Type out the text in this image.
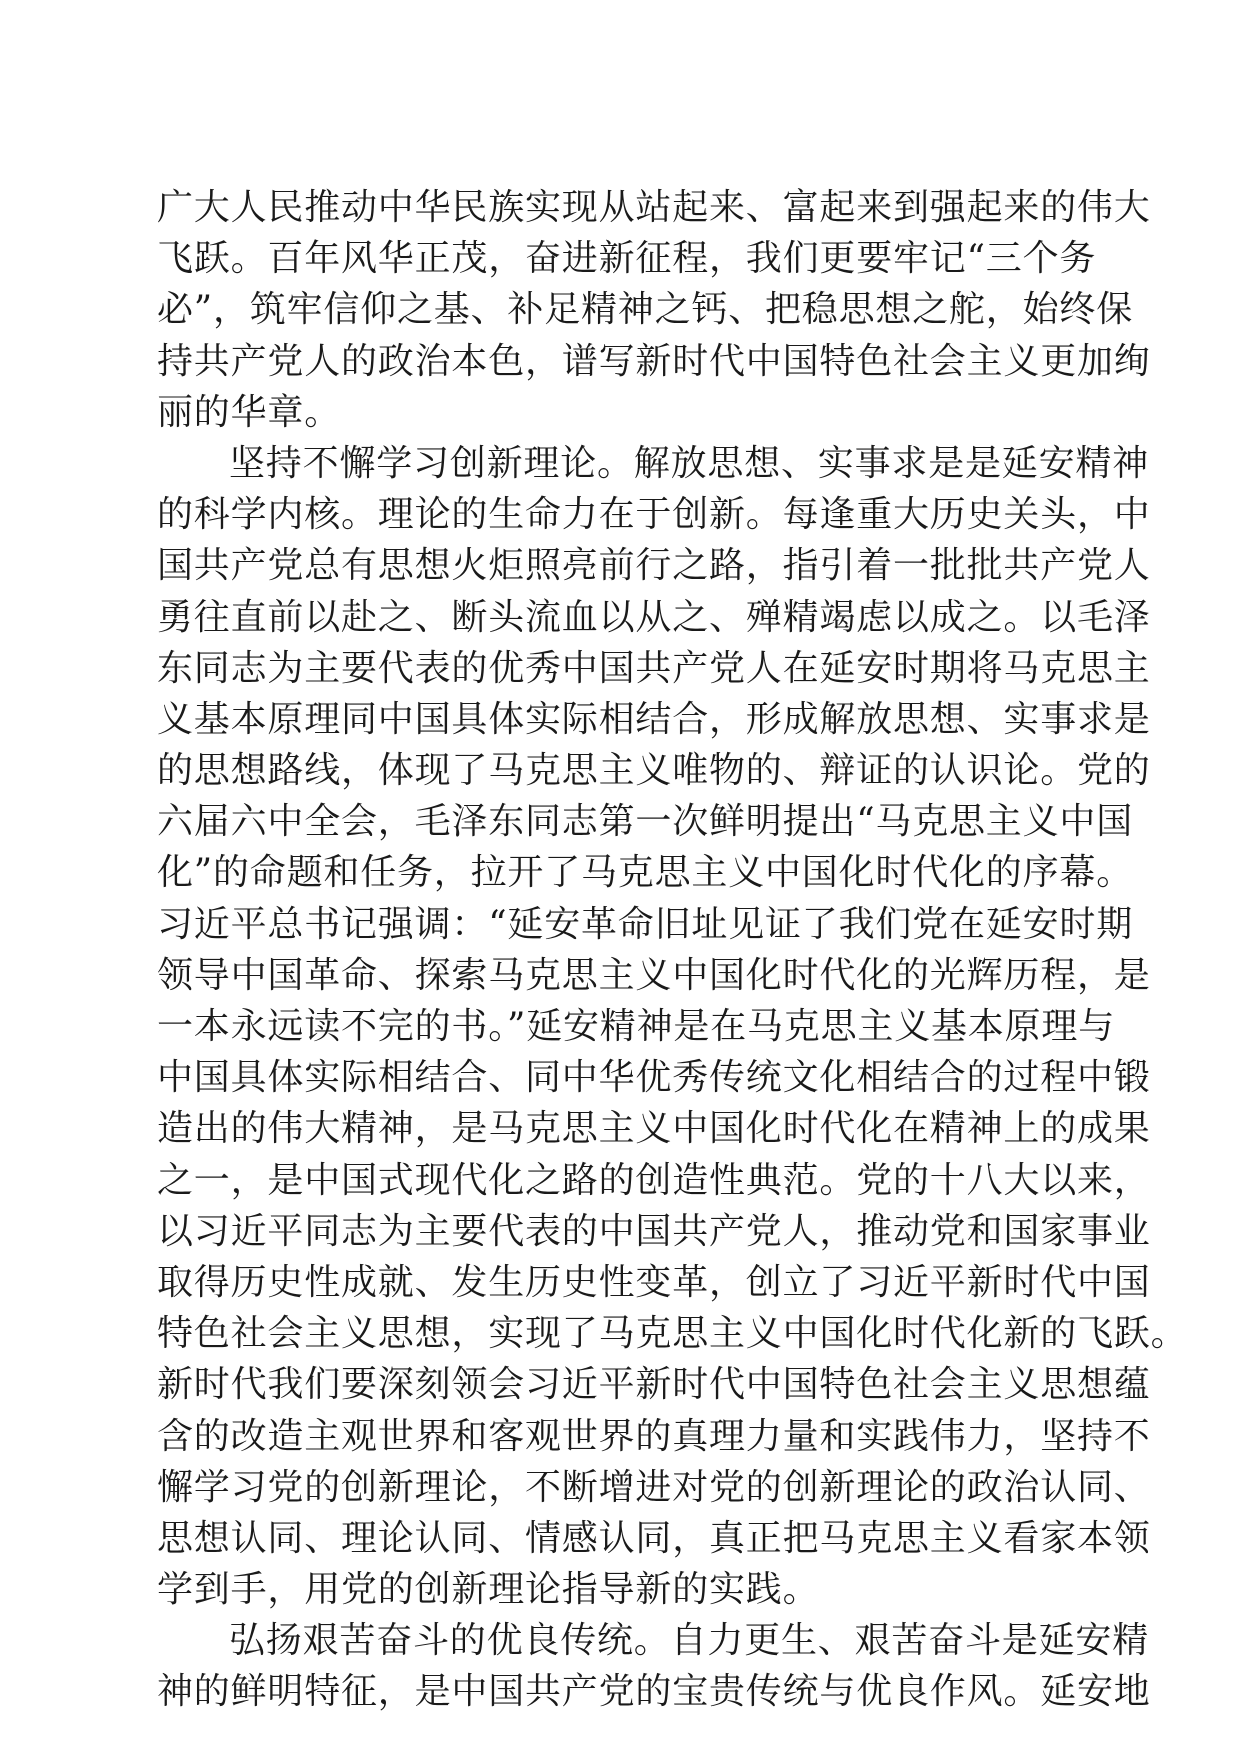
广大人民推动中华民族实现从站起来、富起来到强起来的伟大
飞跃。百年风华正茂，奋进新征程，我们更要牢记“三个务
必”，筑牢信仰之基、补足精神之钙、把稳思想之舵，始终保
持共产党人的政治本色，谱写新时代中国特色社会主义更加绚
丽的华章。
坚持不懈学习创新理论。解放思想、实事求是是延安精神
的科学内核。理论的生命力在于创新。每逢重大历史关头，中
国共产党总有思想火炬照亮前行之路，指引着一批批共产党人
勇往直前以赴之、断头流血以从之、殚精竭虑以成之。以毛泽
东同志为主要代表的优秀中国共产党人在延安时期将马克思主
义基本原理同中国具体实际相结合，形成解放思想、实事求是
的思想路线，体现了马克思主义唯物的、辩证的认识论。党的
六届六中全会，毛泽东同志第一次鲜明提出“马克思主义中国
化”的命题和任务，拉开了马克思主义中国化时代化的序幕。
习近平总书记强调：“延安革命旧址见证了我们党在延安时期
领导中国革命、探索马克思主义中国化时代化的光辉历程，是
一本永远读不完的书。”延安精神是在马克思主义基本原理与
中国具体实际相结合、同中华优秀传统文化相结合的过程中锻
造出的伟大精神，是马克思主义中国化时代化在精神上的成果
之一，是中国式现代化之路的创造性典范。党的十八大以来，
以习近平同志为主要代表的中国共产党人，推动党和国家事业
取得历史性成就、发生历史性变革，创立了习近平新时代中国
特色社会主义思想，实现了马克思主义中国化时代化新的飞跃。
新时代我们要深刻领会习近平新时代中国特色社会主义思想蕴
含的改造主观世界和客观世界的真理力量和实践伟力，坚持不
懈学习党的创新理论，不断增进对党的创新理论的政治认同、
思想认同、理论认同、情感认同，真正把马克思主义看家本领
学到手，用党的创新理论指导新的实践。
弘扬艰苦奋斗的优良传统。自力更生、艰苦奋斗是延安精
神的鲜明特征，是中国共产党的宝贵传统与优良作风。延安地
